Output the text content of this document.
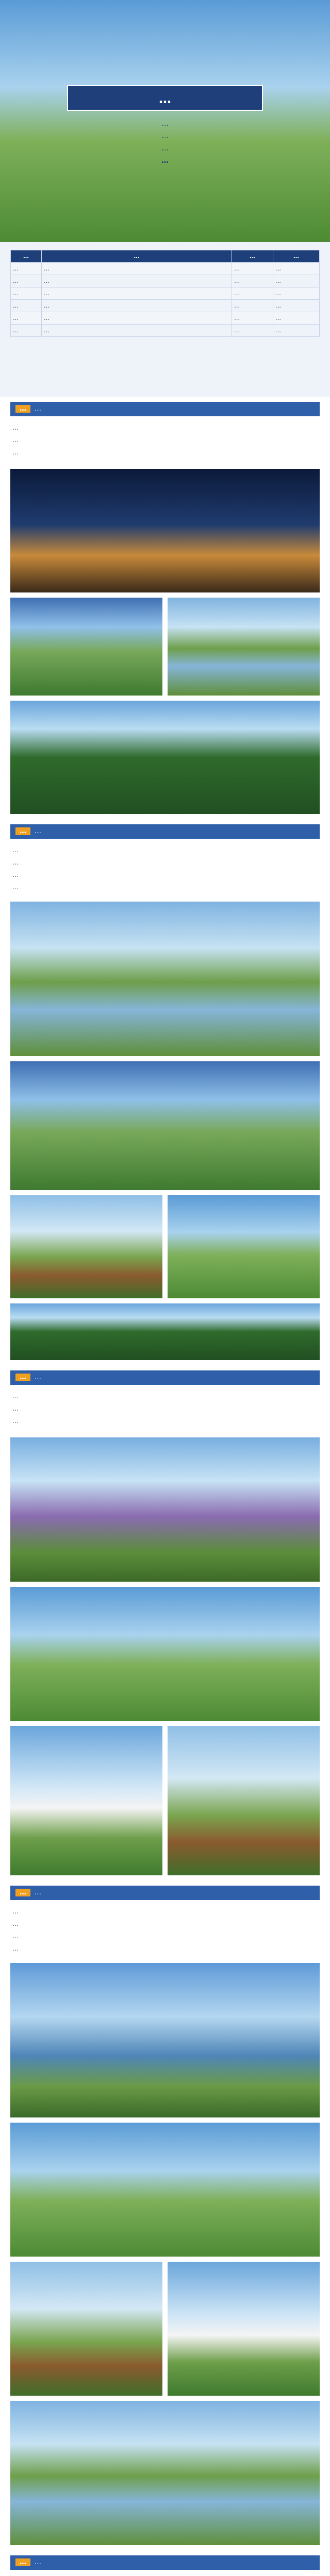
…
…
…
…
…
…	…	…	…
…	…	…	…
…	…	…	…
…	…	…	…
…	…	…	…
…	…	…	…
…	…	…	…
… …
…
…
…
… …
…
…
…
…
… …
…
…
…
… …
…
…
…
…
… …
